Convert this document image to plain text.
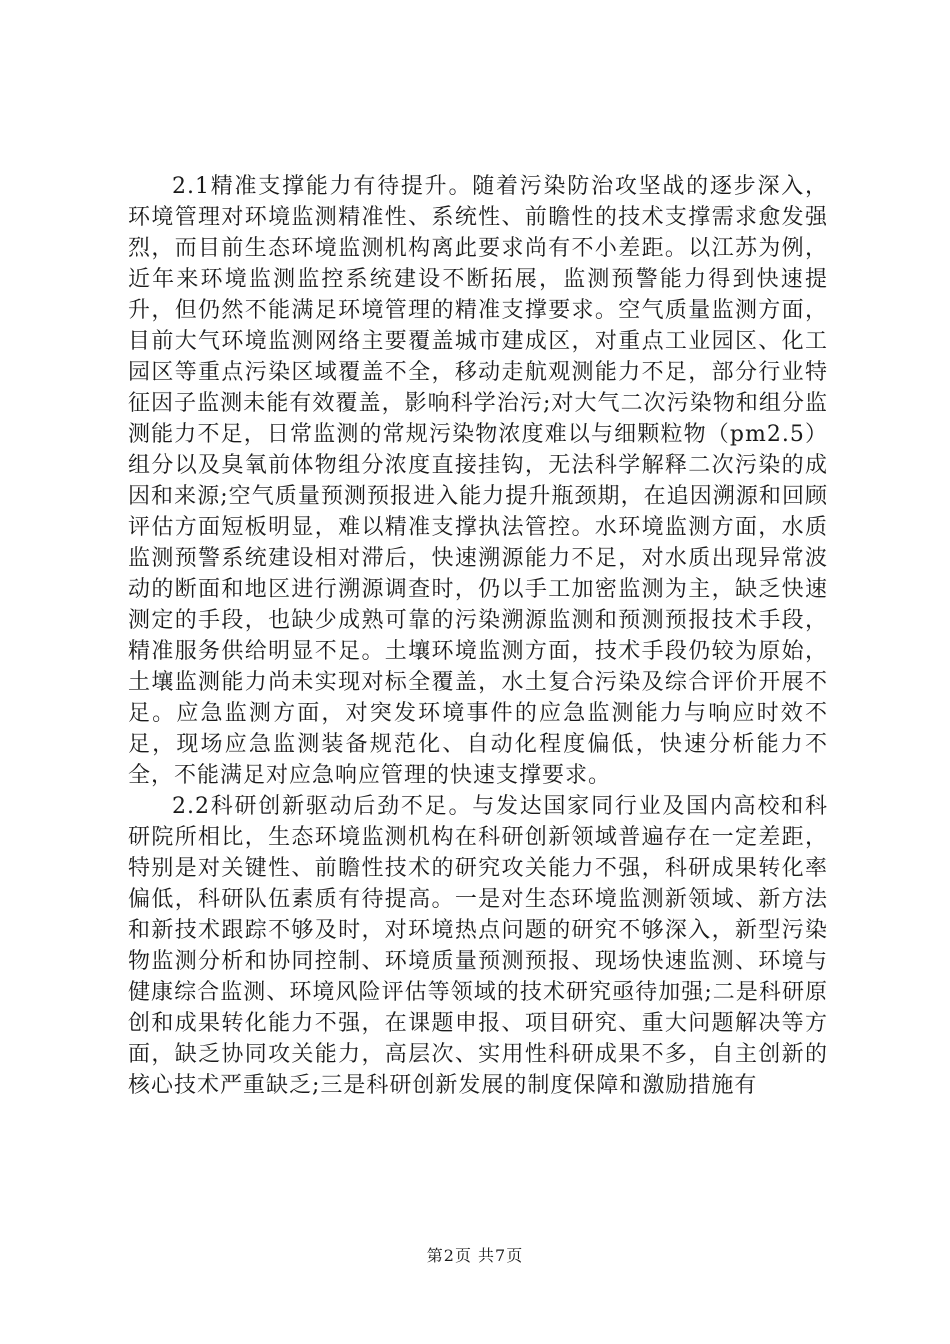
2.1精准支撑能力有待提升。随着污染防治攻坚战的逐步深入，环境管理对环境监测精准性、系统性、前瞻性的技术支撑需求愈发强烈，而目前生态环境监测机构离此要求尚有不小差距。以江苏为例，近年来环境监测监控系统建设不断拓展，监测预警能力得到快速提升，但仍然不能满足环境管理的精准支撑要求。空气质量监测方面，目前大气环境监测网络主要覆盖城市建成区，对重点工业园区、化工园区等重点污染区域覆盖不全，移动走航观测能力不足，部分行业特征因子监测未能有效覆盖，影响科学治污;对大气二次污染物和组分监测能力不足，日常监测的常规污染物浓度难以与细颗粒物（pm2.5）组分以及臭氧前体物组分浓度直接挂钩，无法科学解释二次污染的成因和来源;空气质量预测预报进入能力提升瓶颈期，在追因溯源和回顾评估方面短板明显，难以精准支撑执法管控。水环境监测方面，水质监测预警系统建设相对滞后，快速溯源能力不足，对水质出现异常波动的断面和地区进行溯源调查时，仍以手工加密监测为主，缺乏快速测定的手段，也缺少成熟可靠的污染溯源监测和预测预报技术手段，精准服务供给明显不足。土壤环境监测方面，技术手段仍较为原始，土壤监测能力尚未实现对标全覆盖，水土复合污染及综合评价开展不足。应急监测方面，对突发环境事件的应急监测能力与响应时效不足，现场应急监测装备规范化、自动化程度偏低，快速分析能力不全，不能满足对应急响应管理的快速支撑要求。

2.2科研创新驱动后劲不足。与发达国家同行业及国内高校和科研院所相比，生态环境监测机构在科研创新领域普遍存在一定差距，特别是对关键性、前瞻性技术的研究攻关能力不强，科研成果转化率偏低，科研队伍素质有待提高。一是对生态环境监测新领域、新方法和新技术跟踪不够及时，对环境热点问题的研究不够深入，新型污染物监测分析和协同控制、环境质量预测预报、现场快速监测、环境与健康综合监测、环境风险评估等领域的技术研究亟待加强;二是科研原创和成果转化能力不强，在课题申报、项目研究、重大问题解决等方面，缺乏协同攻关能力，高层次、实用性科研成果不多，自主创新的核心技术严重缺乏;三是科研创新发展的制度保障和激励措施有

第2页 共7页
